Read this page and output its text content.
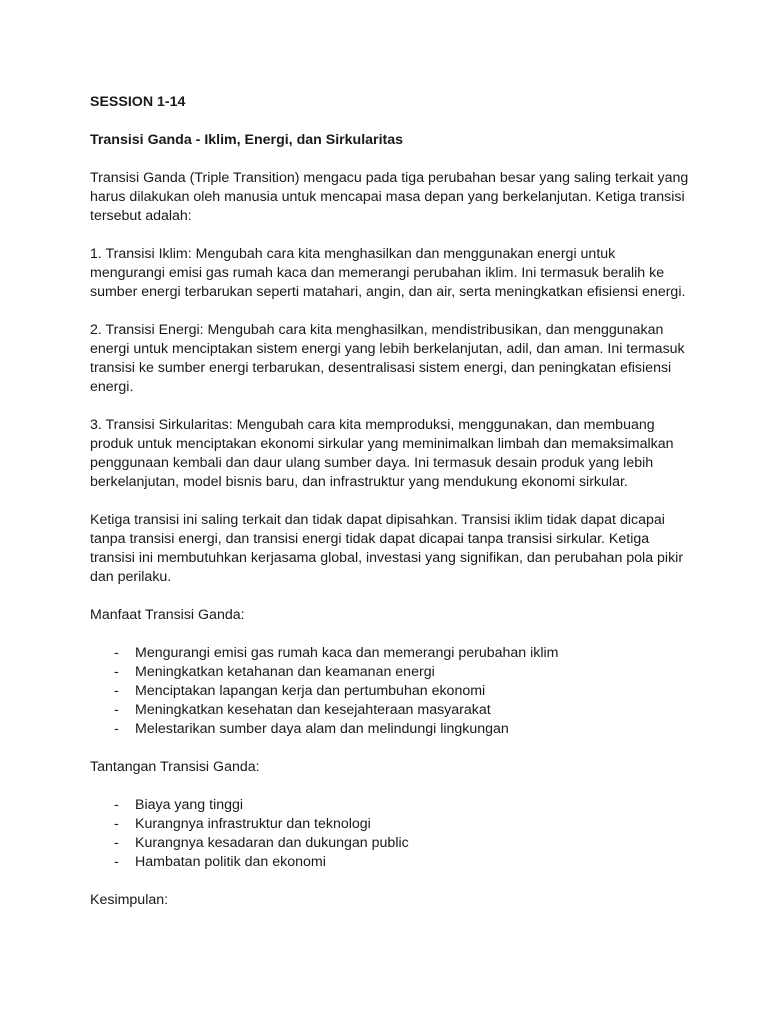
SESSION 1-14
Transisi Ganda - Iklim, Energi, dan Sirkularitas

Transisi Ganda (Triple Transition) mengacu pada tiga perubahan besar yang saling terkait yang harus dilakukan oleh manusia untuk mencapai masa depan yang berkelanjutan. Ketiga transisi tersebut adalah:

1. Transisi Iklim: Mengubah cara kita menghasilkan dan menggunakan energi untuk mengurangi emisi gas rumah kaca dan memerangi perubahan iklim. Ini termasuk beralih ke sumber energi terbarukan seperti matahari, angin, dan air, serta meningkatkan efisiensi energi.

2. Transisi Energi: Mengubah cara kita menghasilkan, mendistribusikan, dan menggunakan energi untuk menciptakan sistem energi yang lebih berkelanjutan, adil, dan aman. Ini termasuk transisi ke sumber energi terbarukan, desentralisasi sistem energi, dan peningkatan efisiensi energi.

3. Transisi Sirkularitas: Mengubah cara kita memproduksi, menggunakan, dan membuang produk untuk menciptakan ekonomi sirkular yang meminimalkan limbah dan memaksimalkan penggunaan kembali dan daur ulang sumber daya. Ini termasuk desain produk yang lebih berkelanjutan, model bisnis baru, dan infrastruktur yang mendukung ekonomi sirkular.

Ketiga transisi ini saling terkait dan tidak dapat dipisahkan. Transisi iklim tidak dapat dicapai tanpa transisi energi, dan transisi energi tidak dapat dicapai tanpa transisi sirkular. Ketiga transisi ini membutuhkan kerjasama global, investasi yang signifikan, dan perubahan pola pikir dan perilaku.

Manfaat Transisi Ganda:
- Mengurangi emisi gas rumah kaca dan memerangi perubahan iklim
- Meningkatkan ketahanan dan keamanan energi
- Menciptakan lapangan kerja dan pertumbuhan ekonomi
- Meningkatkan kesehatan dan kesejahteraan masyarakat
- Melestarikan sumber daya alam dan melindungi lingkungan
Tantangan Transisi Ganda:
- Biaya yang tinggi
- Kurangnya infrastruktur dan teknologi
- Kurangnya kesadaran dan dukungan public
- Hambatan politik dan ekonomi
Kesimpulan:
